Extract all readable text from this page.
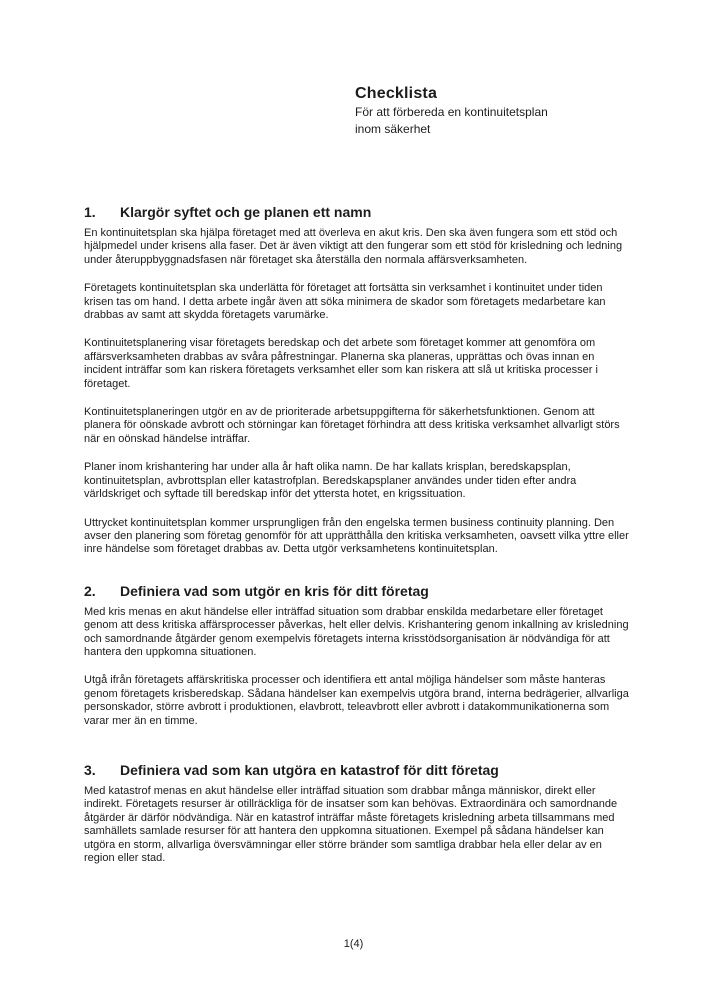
Checklista

För att förbereda en kontinuitetsplan
inom säkerhet

1.	Klargör syftet och ge planen ett namn

En kontinuitetsplan ska hjälpa företaget med att överleva en akut kris. Den ska även fungera som ett stöd och hjälpmedel under krisens alla faser. Det är även viktigt att den fungerar som ett stöd för krisledning och ledning under återuppbyggnadsfasen när företaget ska återställa den normala affärsverksamheten.

Företagets kontinuitetsplan ska underlätta för företaget att fortsätta sin verksamhet i kontinuitet under tiden krisen tas om hand. I detta arbete ingår även att söka minimera de skador som företagets medarbetare kan drabbas av samt att skydda företagets varumärke.

Kontinuitetsplanering visar företagets beredskap och det arbete som företaget kommer att genomföra om affärsverksamheten drabbas av svåra påfrestningar. Planerna ska planeras, upprättas och övas innan en incident inträffar som kan riskera företagets verksamhet eller som kan riskera att slå ut kritiska processer i företaget.

Kontinuitetsplaneringen utgör en av de prioriterade arbetsuppgifterna för säkerhetsfunktionen. Genom att planera för oönskade avbrott och störningar kan företaget förhindra att dess kritiska verksamhet allvarligt störs när en oönskad händelse inträffar.

Planer inom krishantering har under alla år haft olika namn. De har kallats krisplan, beredskapsplan, kontinuitetsplan, avbrottsplan eller katastrofplan. Beredskapsplaner användes under tiden efter andra världskriget och syftade till beredskap inför det yttersta hotet, en krigssituation.

Uttrycket kontinuitetsplan kommer ursprungligen från den engelska termen business continuity planning. Den avser den planering som företag genomför för att upprätthålla den kritiska verksamheten, oavsett vilka yttre eller inre händelse som företaget drabbas av. Detta utgör verksamhetens kontinuitetsplan.

2.	Definiera vad som utgör en kris för ditt företag

Med kris menas en akut händelse eller inträffad situation som drabbar enskilda medarbetare eller företaget genom att dess kritiska affärsprocesser påverkas, helt eller delvis. Krishantering genom inkallning av krisledning och samordnande åtgärder genom exempelvis företagets interna krisstödsorganisation är nödvändiga för att hantera den uppkomna situationen.

Utgå ifrån företagets affärskritiska processer och identifiera ett antal möjliga händelser som måste hanteras genom företagets krisberedskap. Sådana händelser kan exempelvis utgöra brand, interna bedrägerier, allvarliga personskador, större avbrott i produktionen, elavbrott, teleavbrott eller avbrott i datakommunikationerna som varar mer än en timme.

3.	Definiera vad som kan utgöra en katastrof för ditt företag

Med katastrof menas en akut händelse eller inträffad situation som drabbar många människor, direkt eller indirekt. Företagets resurser är otillräckliga för de insatser som kan behövas. Extraordinära och samordnande åtgärder är därför nödvändiga. När en katastrof inträffar måste företagets krisledning arbeta tillsammans med samhällets samlade resurser för att hantera den uppkomna situationen. Exempel på sådana händelser kan utgöra en storm, allvarliga översvämningar eller större bränder som samtliga drabbar hela eller delar av en region eller stad.

1(4)
